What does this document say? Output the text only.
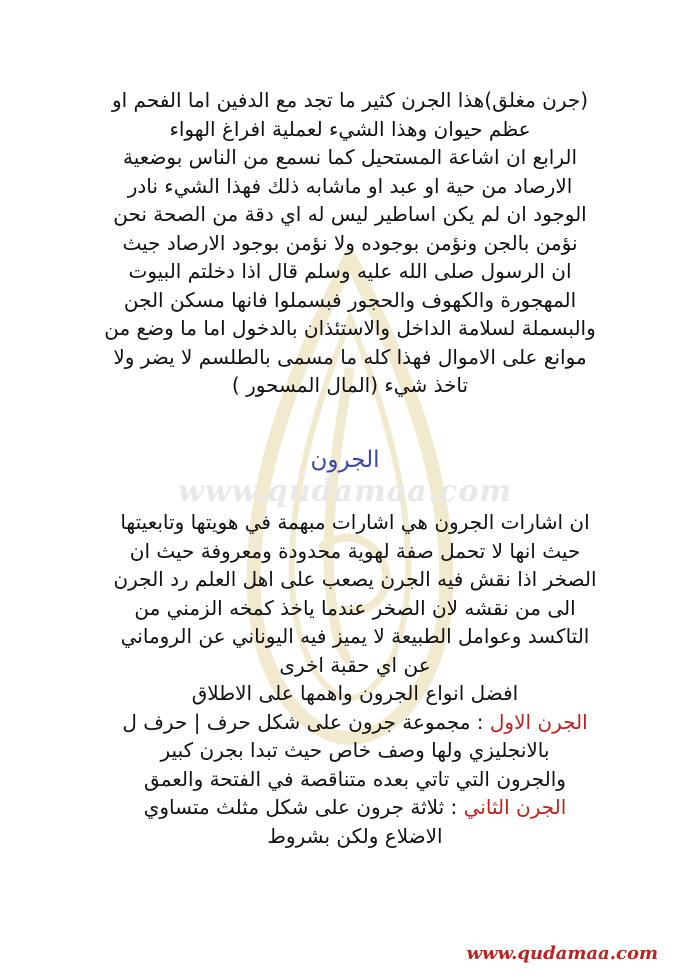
www.qudamaa.com
(جرن مغلق)هذا الجرن كثير ما تجد مع الدفين اما الفحم او
عظم حيوان وهذا الشيء لعملية افراغ الهواء
الرابع ان اشاعة المستحيل كما نسمع من الناس بوضعية
الارصاد من حية او عبد او ماشابه ذلك فهذا الشيء نادر
الوجود ان لم يكن اساطير ليس له اي دقة من الصحة نحن
نؤمن بالجن ونؤمن بوجوده ولا نؤمن بوجود الارصاد جيث
ان الرسول صلى الله عليه وسلم قال اذا دخلتم البيوت
المهجورة والكهوف والحجور فبسملوا فانها مسكن الجن
والبسملة لسلامة الداخل والاستئذان بالدخول اما ما وضع من
موانع على الاموال فهذا كله ما مسمى بالطلسم لا يضر ولا
تاخذ شيء (المال المسحور )
الجرون
ان اشارات الجرون هي اشارات مبهمة في هويتها وتابعيتها
حيث انها لا تحمل صفة لهوية محدودة ومعروفة حيث ان
الصخر اذا نقش فيه الجرن يصعب على اهل العلم رد الجرن
الى من نقشه لان الصخر عندما ياخذ كمخه الزمني من
التاكسد وعوامل الطبيعة لا يميز فيه اليوناني عن الروماني
عن اي حقبة اخرى
افضل انواع الجرون واهمها على الاطلاق
الجرن الاول : مجموعة جرون على شكل حرف | حرف ل
بالانجليزي ولها وصف خاص حيث تبدا بجرن كبير
والجرون التي تاتي بعده متناقصة في الفتحة والعمق
الجرن الثاني : ثلاثة جرون على شكل مثلث متساوي
الاضلاع ولكن بشروط
www.qudamaa.com
